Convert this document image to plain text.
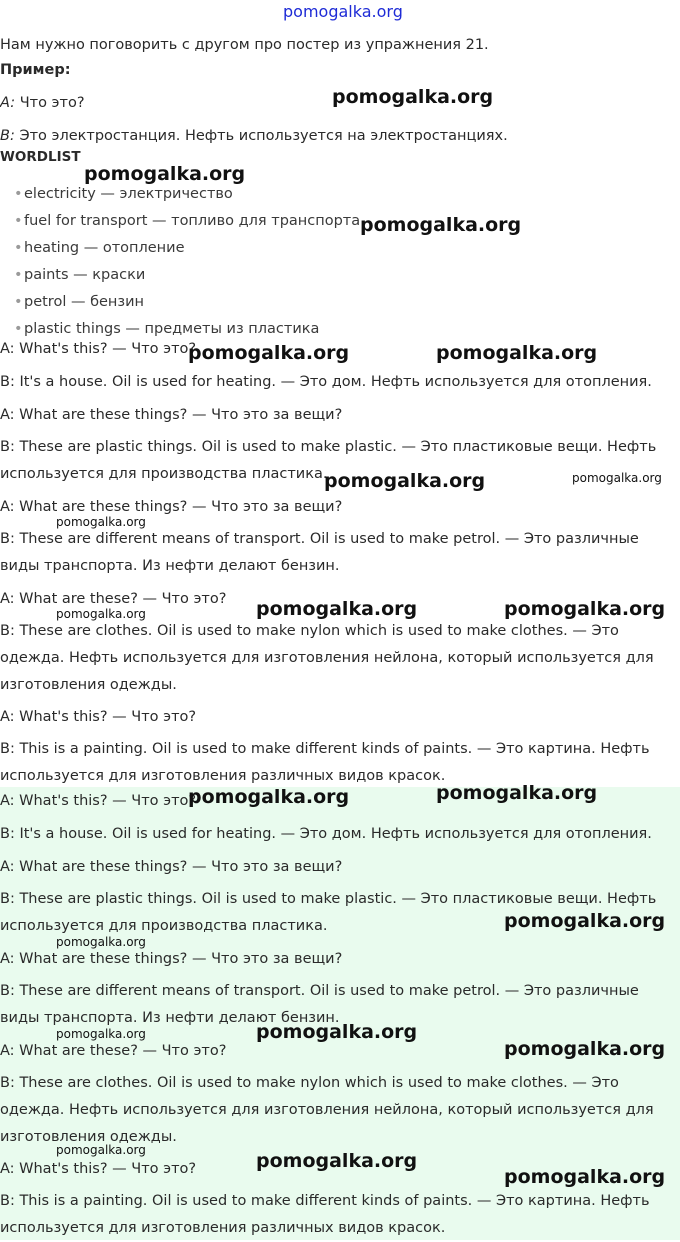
pomogalka.org
Нам нужно поговорить с другом про постер из упражнения 21.
Пример:
A: Что это?
B: Это электростанция. Нефть используется на электростанциях.
WORDLIST
•electricity — электричество
•fuel for transport — топливо для транспорта
•heating — отопление
•paints — краски
•petrol — бензин
•plastic things — предметы из пластика
A: What's this? — Что это?
B: It's a house. Oil is used for heating. — Это дом. Нефть используется для отопления.
A: What are these things? — Что это за вещи?
B: These are plastic things. Oil is used to make plastic. — Это пластиковые вещи. Нефть используется для производства пластика.
A: What are these things? — Что это за вещи?
B: These are different means of transport. Oil is used to make petrol. — Это различные виды транспорта. Из нефти делают бензин.
A: What are these? — Что это?
B: These are clothes. Oil is used to make nylon which is used to make clothes. — Это одежда. Нефть используется для изготовления нейлона, который используется для изготовления одежды.
A: What's this? — Что это?
B: This is a painting. Oil is used to make different kinds of paints. — Это картина. Нефть используется для изготовления различных видов красок.
A: What's this? — Что это?
B: It's a house. Oil is used for heating. — Это дом. Нефть используется для отопления.
A: What are these things? — Что это за вещи?
B: These are plastic things. Oil is used to make plastic. — Это пластиковые вещи. Нефть используется для производства пластика.
A: What are these things? — Что это за вещи?
B: These are different means of transport. Oil is used to make petrol. — Это различные виды транспорта. Из нефти делают бензин.
A: What are these? — Что это?
B: These are clothes. Oil is used to make nylon which is used to make clothes. — Это одежда. Нефть используется для изготовления нейлона, который используется для изготовления одежды.
A: What's this? — Что это?
B: This is a painting. Oil is used to make different kinds of paints. — Это картина. Нефть используется для изготовления различных видов красок.
pomogalka.org
pomogalka.org
pomogalka.org
pomogalka.org	pomogalka.org
pomogalka.org	pomogalka.org
pomogalka.org
pomogalka.org	pomogalka.org
pomogalka.org
pomogalka.org	pomogalka.org
pomogalka.org
pomogalka.org
pomogalka.org
pomogalka.org
pomogalka.org
pomogalka.org	pomogalka.org
pomogalka.org
